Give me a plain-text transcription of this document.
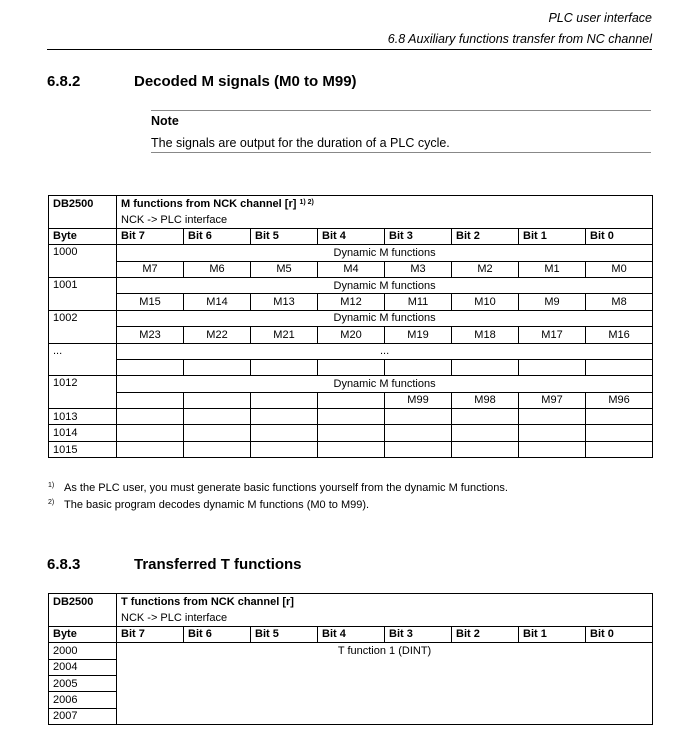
PLC user interface
6.8 Auxiliary functions transfer from NC channel
6.8.2	Decoded M signals (M0 to M99)
Note
The signals are output for the duration of a PLC cycle.
DB2500	M functions from NCK channel [r] $^{1) 2)}$
	NCK -> PLC interface							
Byte	Bit 7	Bit 6	Bit 5	Bit 4	Bit 3	Bit 2	Bit 1	Bit 0
1000	Dynamic M functions							
	M7	M6	M5	M4	M3	M2	M1	M0
1001	Dynamic M functions							
	M15	M14	M13	M12	M11	M10	M9	M8
1002	Dynamic M functions							
	M23	M22	M21	M20	M19	M18	M17	M16
...	...							

1012	Dynamic M functions							
					M99	M98	M97	M96
1013								
1014								
1015								
1) As the PLC user, you must generate basic functions yourself from the dynamic M functions.
2) The basic program decodes dynamic M functions (M0 to M99).
6.8.3	Transferred T functions
DB2500	T functions from NCK channel [r]							
	NCK -> PLC interface							
Byte	Bit 7	Bit 6	Bit 5	Bit 4	Bit 3	Bit 2	Bit 1	Bit 0
2000	T function 1 (DINT)							
2004								
2005								
2006								
2007								
